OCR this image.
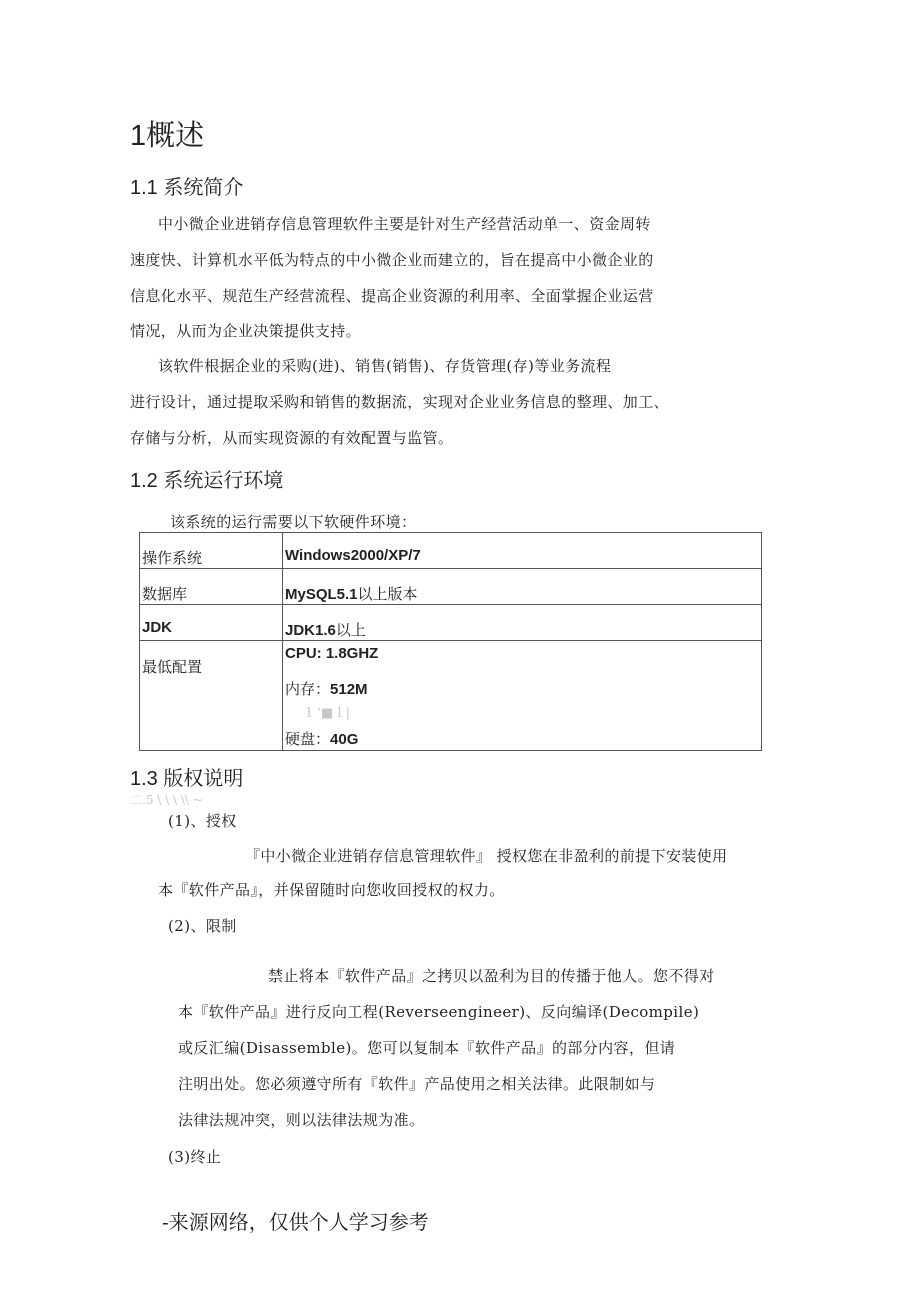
1概述
1.1 系统简介
中小微企业进销存信息管理软件主要是针对生产经营活动单一、资金周转
速度快、计算机水平低为特点的中小微企业而建立的，旨在提高中小微企业的
信息化水平、规范生产经营流程、提高企业资源的利用率、全面掌握企业运营
情况，从而为企业决策提供支持。
该软件根据企业的采购(进)、销售(销售)、存货管理(存)等业务流程
进行设计，通过提取采购和销售的数据流，实现对企业业务信息的整理、加工、
存储与分析，从而实现资源的有效配置与监管。
1.2 系统运行环境
该系统的运行需要以下软硬件环境：
操作系统	Windows2000/XP/7
数据库	MySQL5.1以上版本
JDK	JDK1.6以上
最低配置	CPU: 1.8GHZ
内存：512M
1 '■ l |
硬盘：40G
1.3 版权说明
二.5 \ \ \ \\ ~
(1)、授权
『中小微企业进销存信息管理软件』 授权您在非盈利的前提下安装使用
本『软件产品』，并保留随时向您收回授权的权力。
(2)、限制
禁止将本『软件产品』之拷贝以盈利为目的传播于他人。您不得对
本『软件产品』进行反向工程(Reverseengineer)、反向编译(Decompile)
或反汇编(Disassemble)。您可以复制本『软件产品』的部分内容，但请
注明出处。您必须遵守所有『软件』产品使用之相关法律。此限制如与
法律法规冲突，则以法律法规为准。
(3)终止
-来源网络，仅供个人学习参考
